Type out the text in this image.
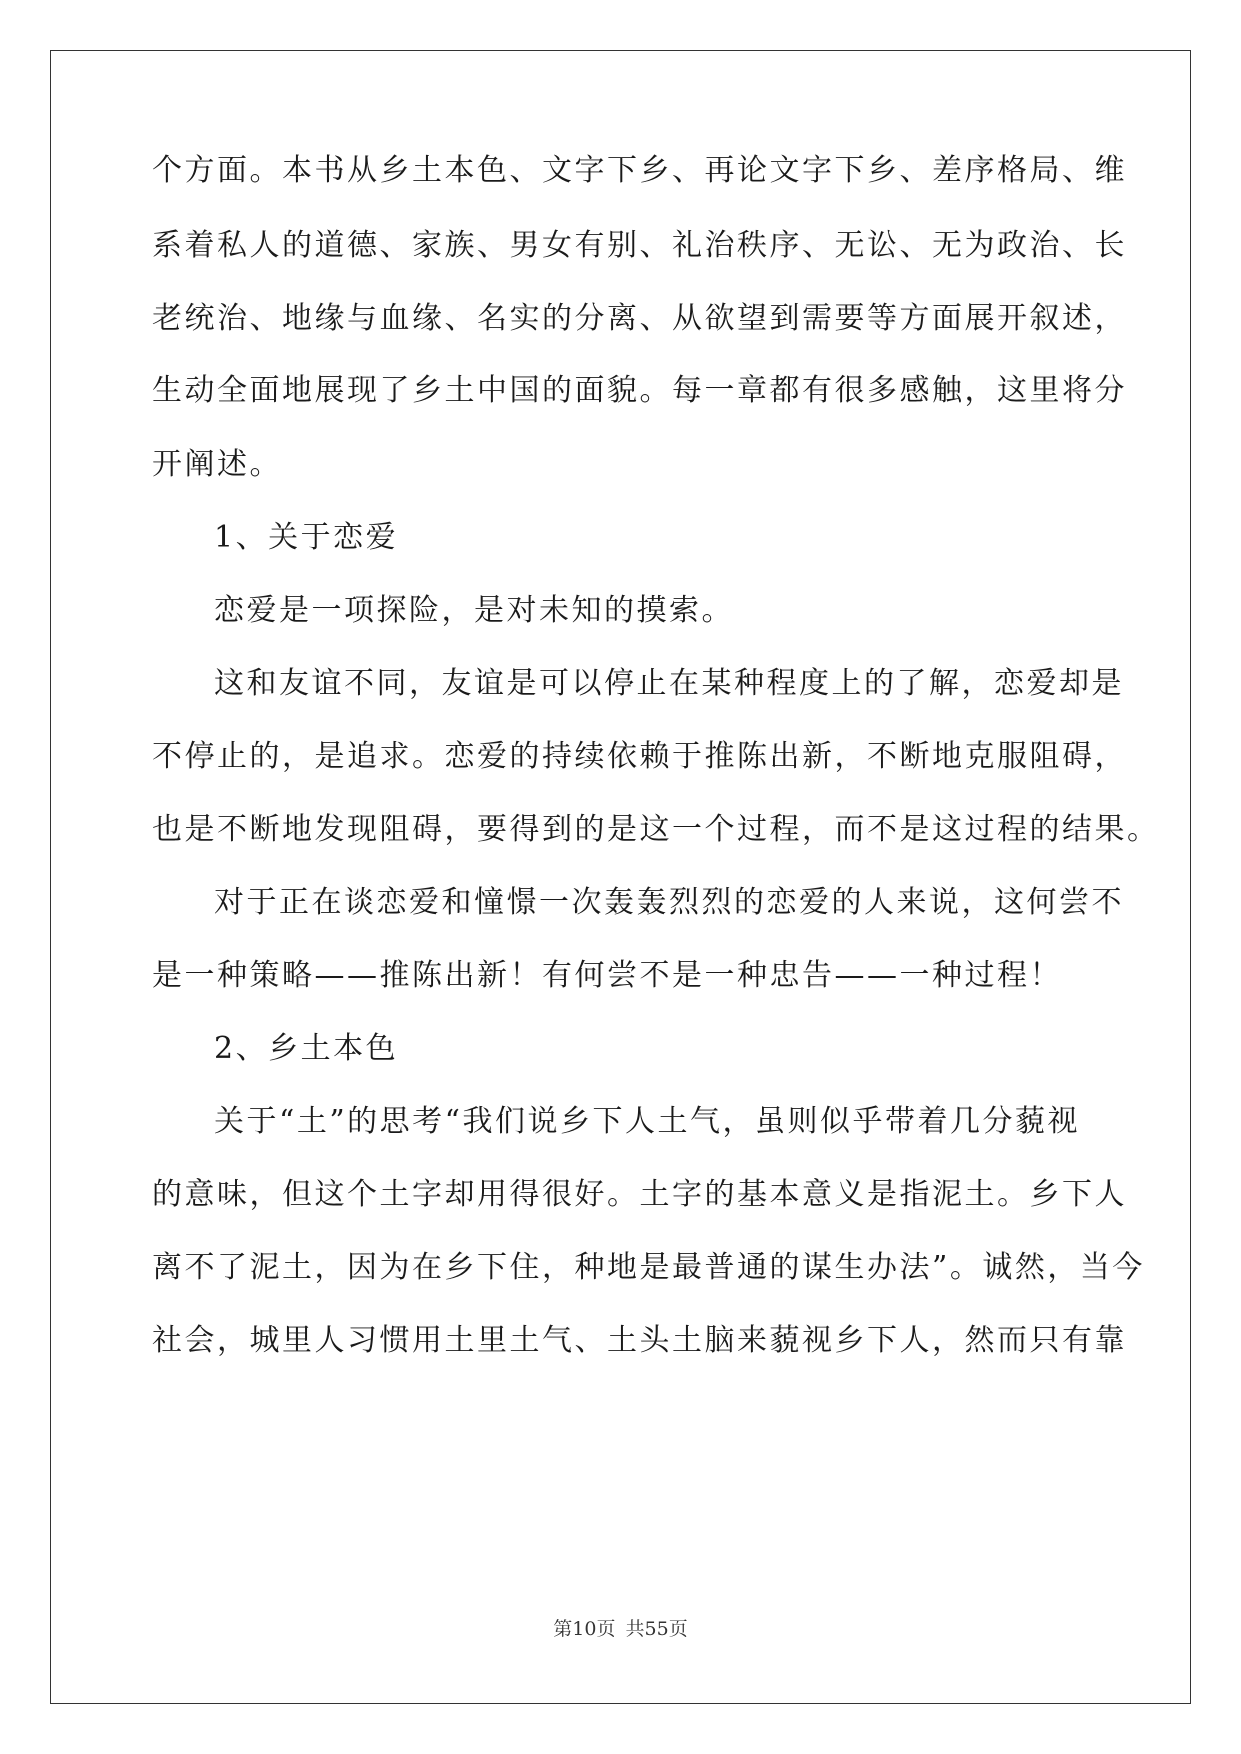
个方面。本书从乡土本色、文字下乡、再论文字下乡、差序格局、维

系着私人的道德、家族、男女有别、礼治秩序、无讼、无为政治、长

老统治、地缘与血缘、名实的分离、从欲望到需要等方面展开叙述，

生动全面地展现了乡土中国的面貌。每一章都有很多感触，这里将分

开阐述。

1、关于恋爱

恋爱是一项探险，是对未知的摸索。

这和友谊不同，友谊是可以停止在某种程度上的了解，恋爱却是

不停止的，是追求。恋爱的持续依赖于推陈出新，不断地克服阻碍，

也是不断地发现阻碍，要得到的是这一个过程，而不是这过程的结果。

对于正在谈恋爱和憧憬一次轰轰烈烈的恋爱的人来说，这何尝不

是一种策略——推陈出新！有何尝不是一种忠告——一种过程！

2、乡土本色

关于“土”的思考“我们说乡下人土气，虽则似乎带着几分藐视

的意味，但这个土字却用得很好。土字的基本意义是指泥土。乡下人

离不了泥土，因为在乡下住，种地是最普通的谋生办法”。诚然，当今

社会，城里人习惯用土里土气、土头土脑来藐视乡下人，然而只有靠

第10页 共55页
